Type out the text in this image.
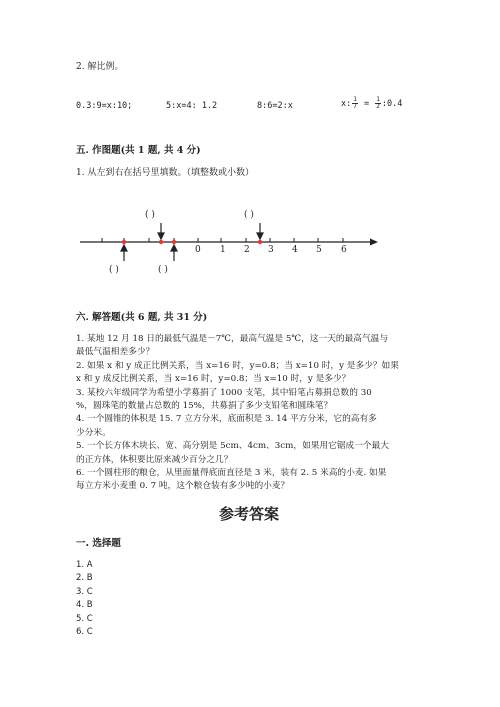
2. 解比例。
0.3:9=x:10;	5:x=4: 1.2	8:6=2:x	x: $\frac{1}{7} = \frac{1}{2}$ :0.4
五. 作图题(共 1 题, 共 4 分)
1. 从左到右在括号里填数。（填整数或小数）
0 1 2 3 4 5 6
( )	( )
( )	( )
六. 解答题(共 6 题, 共 31 分)

1. 某地 12 月 18 日的最低气温是－7℃，最高气温是 5℃，这一天的最高气温与

最低气温相差多少？

2. 如果 x 和 y 成正比例关系，当 x=16 时，y=0.8；当 x=10 时，y 是多少？如果

x 和 y 成反比例关系，当 x=16 时，y=0.8；当 x=10 时，y 是多少？

3. 某校六年级同学为希望小学募捐了 1000 支笔，其中铅笔占募捐总数的 30

%，圆珠笔的数量占总数的 15%，共募捐了多少支铅笔和圆珠笔？

4. 一个圆锥的体积是 15. 7 立方分米，底面积是 3. 14 平方分米，它的高有多

少分米。

5. 一个长方体木块长、宽、高分别是 5cm、4cm、3cm，如果用它锯成一个最大

的正方体，体积要比原来减少百分之几？

6. 一个圆柱形的粮仓，从里面量得底面直径是 3 米，装有 2. 5 米高的小麦. 如果

每立方米小麦重 0. 7 吨，这个粮仓装有多少吨的小麦？

参考答案
一. 选择题
1. A
2. B
3. C
4. B
5. C
6. C
